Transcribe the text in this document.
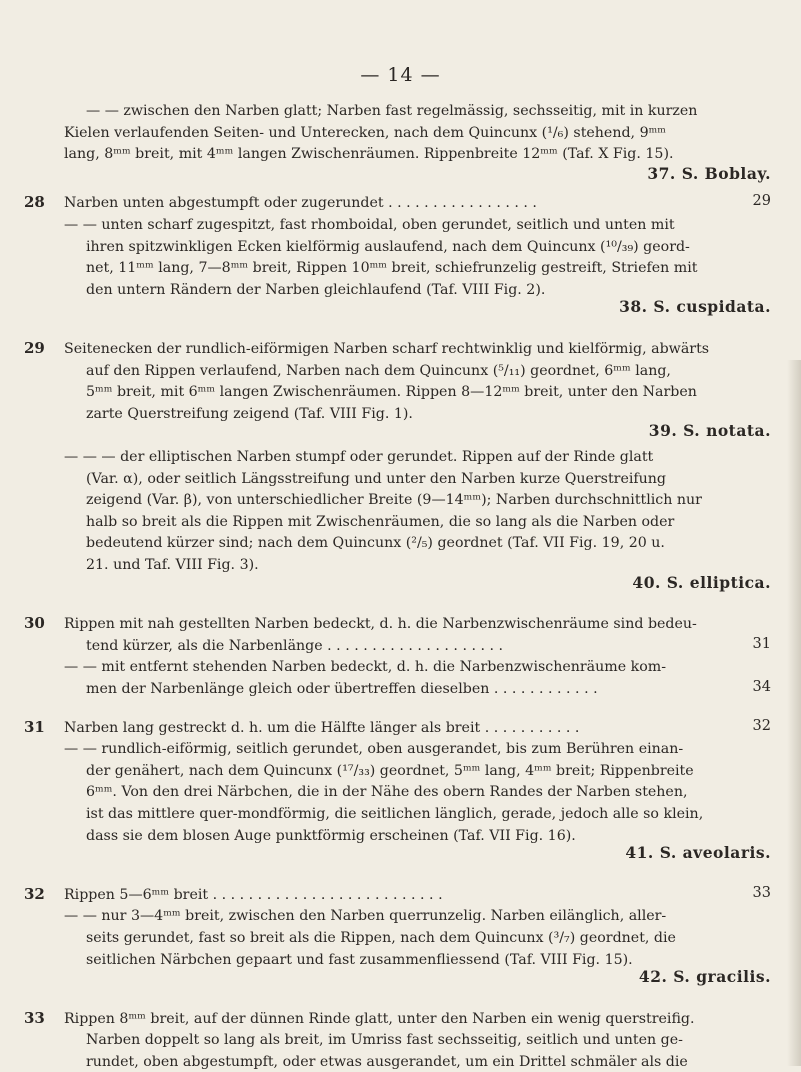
— 14 —
— — zwischen den Narben glatt; Narben fast regelmässig, sechsseitig, mit in kurzen
Kielen verlaufenden Seiten- und Unterecken, nach dem Quincunx (¹/₆) stehend, 9ᵐᵐ
lang, 8ᵐᵐ breit, mit 4ᵐᵐ langen Zwischenräumen. Rippenbreite 12ᵐᵐ (Taf. X Fig. 15).
37. S. Boblay.
28 Narben unten abgestumpft oder zugerundet . . . . . . . . . . . . . . . . .	29
— — unten scharf zugespitzt, fast rhomboidal, oben gerundet, seitlich und unten mit
ihren spitzwinkligen Ecken kielförmig auslaufend, nach dem Quincunx (¹⁰/₃₉) geord-
net, 11ᵐᵐ lang, 7—8ᵐᵐ breit, Rippen 10ᵐᵐ breit, schiefrunzelig gestreift, Striefen mit
den untern Rändern der Narben gleichlaufend (Taf. VIII Fig. 2).
38. S. cuspidata.
29 Seitenecken der rundlich-eiförmigen Narben scharf rechtwinklig und kielförmig, abwärts
auf den Rippen verlaufend, Narben nach dem Quincunx (⁵/₁₁) geordnet, 6ᵐᵐ lang,
5ᵐᵐ breit, mit 6ᵐᵐ langen Zwischenräumen. Rippen 8—12ᵐᵐ breit, unter den Narben
zarte Querstreifung zeigend (Taf. VIII Fig. 1).
39. S. notata.
— — — der elliptischen Narben stumpf oder gerundet. Rippen auf der Rinde glatt
(Var. α), oder seitlich Längsstreifung und unter den Narben kurze Querstreifung
zeigend (Var. β), von unterschiedlicher Breite (9—14ᵐᵐ); Narben durchschnittlich nur
halb so breit als die Rippen mit Zwischenräumen, die so lang als die Narben oder
bedeutend kürzer sind; nach dem Quincunx (²/₅) geordnet (Taf. VII Fig. 19, 20 u.
21. und Taf. VIII Fig. 3).
40. S. elliptica.
30 Rippen mit nah gestellten Narben bedeckt, d. h. die Narbenzwischenräume sind bedeu-
tend kürzer, als die Narbenlänge . . . . . . . . . . . . . . . . . . . .	31
— — mit entfernt stehenden Narben bedeckt, d. h. die Narbenzwischenräume kom-
men der Narbenlänge gleich oder übertreffen dieselben . . . . . . . . . . . .	34
31 Narben lang gestreckt d. h. um die Hälfte länger als breit . . . . . . . . . . .	32
— — rundlich-eiförmig, seitlich gerundet, oben ausgerandet, bis zum Berühren einan-
der genähert, nach dem Quincunx (¹⁷/₃₃) geordnet, 5ᵐᵐ lang, 4ᵐᵐ breit; Rippenbreite
6ᵐᵐ. Von den drei Närbchen, die in der Nähe des obern Randes der Narben stehen,
ist das mittlere quer-mondförmig, die seitlichen länglich, gerade, jedoch alle so klein,
dass sie dem blosen Auge punktförmig erscheinen (Taf. VII Fig. 16).
41. S. aveolaris.
32 Rippen 5—6ᵐᵐ breit . . . . . . . . . . . . . . . . . . . . . . . . . .	33
— — nur 3—4ᵐᵐ breit, zwischen den Narben querrunzelig. Narben eilänglich, aller-
seits gerundet, fast so breit als die Rippen, nach dem Quincunx (³/₇) geordnet, die
seitlichen Närbchen gepaart und fast zusammenfliessend (Taf. VIII Fig. 15).
42. S. gracilis.
33 Rippen 8ᵐᵐ breit, auf der dünnen Rinde glatt, unter den Narben ein wenig querstreifig.
Narben doppelt so lang als breit, im Umriss fast sechsseitig, seitlich und unten ge-
rundet, oben abgestumpft, oder etwas ausgerandet, um ein Drittel schmäler als die
